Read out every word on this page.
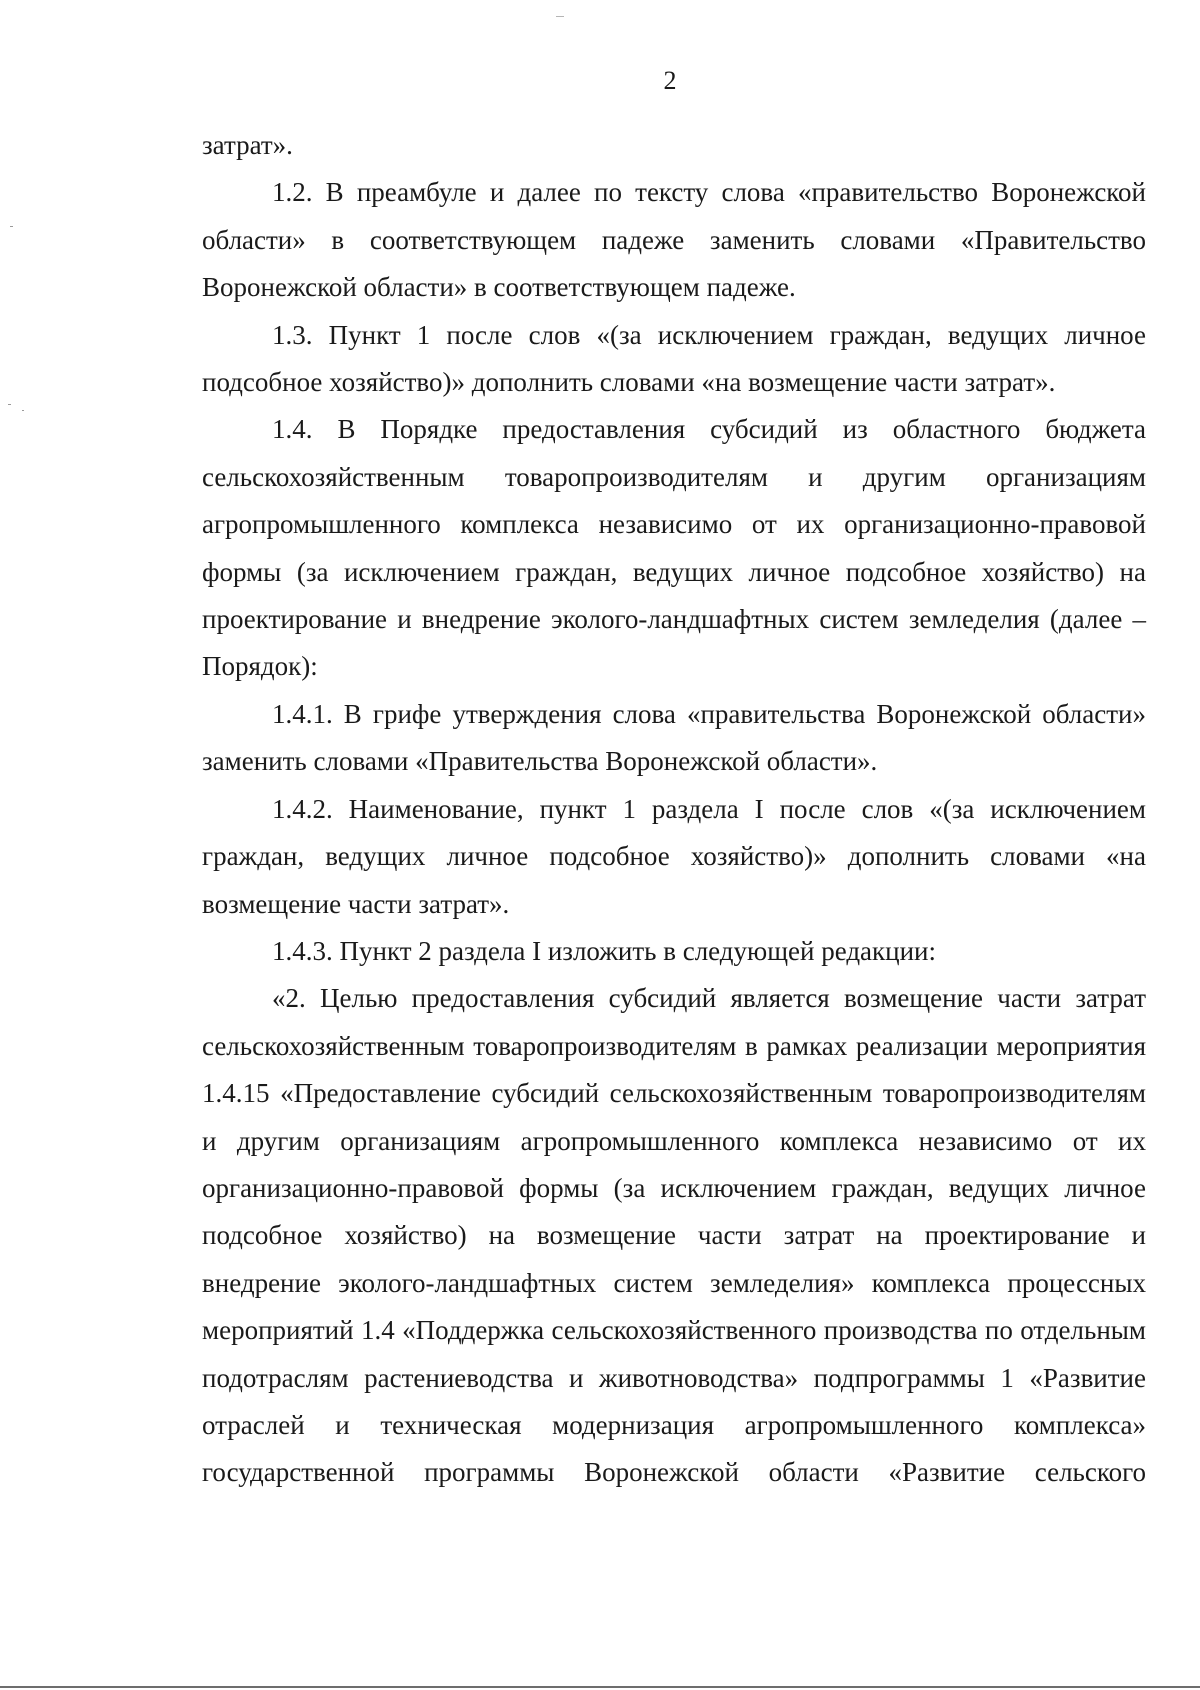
2

затрат».

1.2. В преамбуле и далее по тексту слова «правительство Воронежской области» в соответствующем падеже заменить словами «Правительство Воронежской области» в соответствующем падеже.

1.3. Пункт 1 после слов «(за исключением граждан, ведущих личное подсобное хозяйство)» дополнить словами «на возмещение части затрат».

1.4. В Порядке предоставления субсидий из областного бюджета сельскохозяйственным товаропроизводителям и другим организациям агропромышленного комплекса независимо от их организационно-правовой формы (за исключением граждан, ведущих личное подсобное хозяйство) на проектирование и внедрение эколого-ландшафтных систем земледелия (далее – Порядок):

1.4.1. В грифе утверждения слова «правительства Воронежской области» заменить словами «Правительства Воронежской области».

1.4.2. Наименование, пункт 1 раздела I после слов «(за исключением граждан, ведущих личное подсобное хозяйство)» дополнить словами «на возмещение части затрат».

1.4.3. Пункт 2 раздела I изложить в следующей редакции:

«2. Целью предоставления субсидий является возмещение части затрат сельскохозяйственным товаропроизводителям в рамках реализации мероприятия 1.4.15 «Предоставление субсидий сельскохозяйственным товаропроизводителям и другим организациям агропромышленного комплекса независимо от их организационно-правовой формы (за исключением граждан, ведущих личное подсобное хозяйство) на возмещение части затрат на проектирование и внедрение эколого-ландшафтных систем земледелия» комплекса процессных мероприятий 1.4 «Поддержка сельскохозяйственного производства по отдельным подотраслям растениеводства и животноводства» подпрограммы 1 «Развитие отраслей и техническая модернизация агропромышленного комплекса» государственной программы Воронежской области «Развитие сельского
